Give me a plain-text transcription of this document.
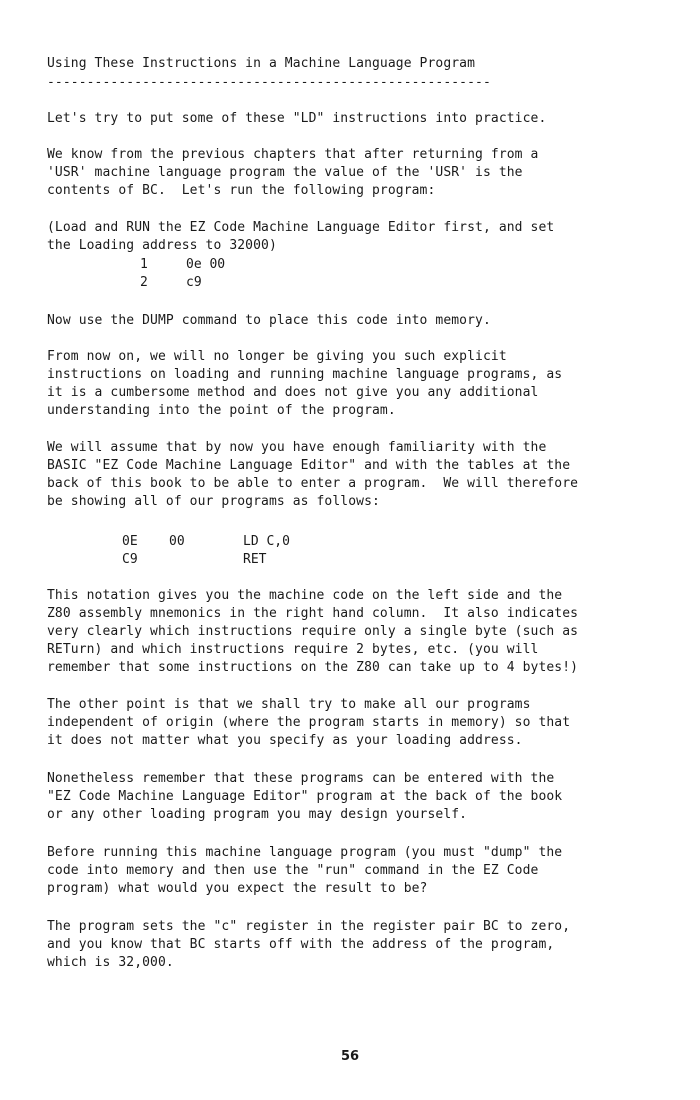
Using These Instructions in a Machine Language Program
--------------------------------------------------------
Let's try to put some of these "LD" instructions into practice.
We know from the previous chapters that after returning from a
'USR' machine language program the value of the 'USR' is the
contents of BC.  Let's run the following program:
(Load and RUN the EZ Code Machine Language Editor first, and set
the Loading address to 32000)
1	0e 00
2	c9
Now use the DUMP command to place this code into memory.
From now on, we will no longer be giving you such explicit
instructions on loading and running machine language programs, as
it is a cumbersome method and does not give you any additional
understanding into the point of the program.
We will assume that by now you have enough familiarity with the
BASIC "EZ Code Machine Language Editor" and with the tables at the
back of this book to be able to enter a program.  We will therefore
be showing all of our programs as follows:
0E 00	LD C,0
C9	RET
This notation gives you the machine code on the left side and the
Z80 assembly mnemonics in the right hand column.  It also indicates
very clearly which instructions require only a single byte (such as
RETurn) and which instructions require 2 bytes, etc. (you will
remember that some instructions on the Z80 can take up to 4 bytes!)
The other point is that we shall try to make all our programs
independent of origin (where the program starts in memory) so that
it does not matter what you specify as your loading address.
Nonetheless remember that these programs can be entered with the
"EZ Code Machine Language Editor" program at the back of the book
or any other loading program you may design yourself.
Before running this machine language program (you must "dump" the
code into memory and then use the "run" command in the EZ Code
program) what would you expect the result to be?
The program sets the "c" register in the register pair BC to zero,
and you know that BC starts off with the address of the program,
which is 32,000.
56
